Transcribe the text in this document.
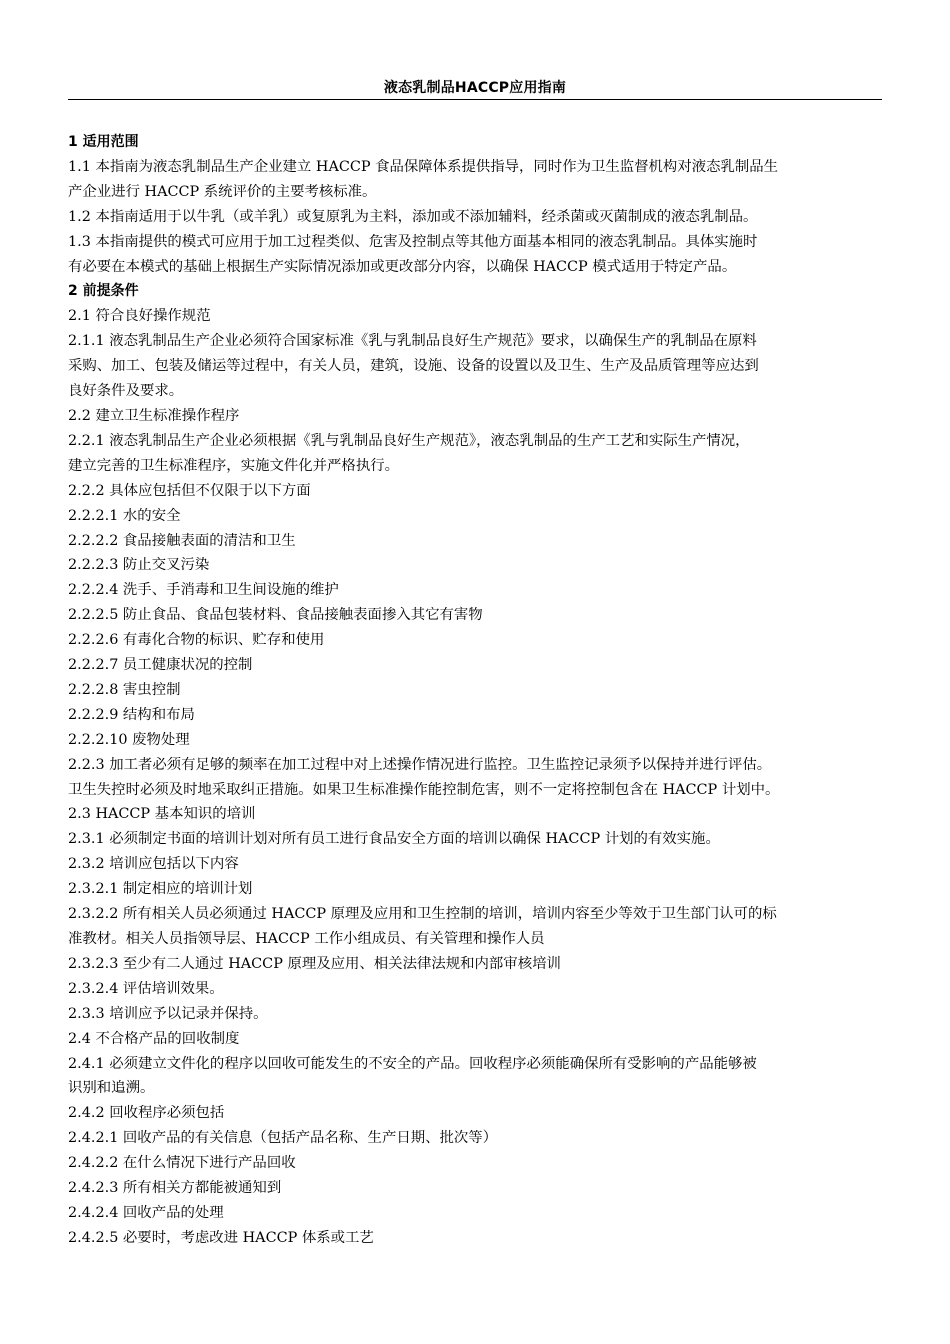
液态乳制品HACCP应用指南
1 适用范围
1.1 本指南为液态乳制品生产企业建立 HACCP 食品保障体系提供指导，同时作为卫生监督机构对液态乳制品生
产企业进行 HACCP 系统评价的主要考核标准。
1.2 本指南适用于以牛乳（或羊乳）或复原乳为主料，添加或不添加辅料，经杀菌或灭菌制成的液态乳制品。
1.3 本指南提供的模式可应用于加工过程类似、危害及控制点等其他方面基本相同的液态乳制品。具体实施时
有必要在本模式的基础上根据生产实际情况添加或更改部分内容，以确保 HACCP 模式适用于特定产品。
2 前提条件
2.1 符合良好操作规范
2.1.1 液态乳制品生产企业必须符合国家标准《乳与乳制品良好生产规范》要求，以确保生产的乳制品在原料
采购、加工、包装及储运等过程中，有关人员，建筑，设施、设备的设置以及卫生、生产及品质管理等应达到
良好条件及要求。
2.2 建立卫生标准操作程序
2.2.1 液态乳制品生产企业必须根据《乳与乳制品良好生产规范》，液态乳制品的生产工艺和实际生产情况，
建立完善的卫生标准程序，实施文件化并严格执行。
2.2.2 具体应包括但不仅限于以下方面
2.2.2.1 水的安全
2.2.2.2 食品接触表面的清洁和卫生
2.2.2.3 防止交叉污染
2.2.2.4 洗手、手消毒和卫生间设施的维护
2.2.2.5 防止食品、食品包装材料、食品接触表面掺入其它有害物
2.2.2.6 有毒化合物的标识、贮存和使用
2.2.2.7 员工健康状况的控制
2.2.2.8 害虫控制
2.2.2.9 结构和布局
2.2.2.10 废物处理
2.2.3 加工者必须有足够的频率在加工过程中对上述操作情况进行监控。卫生监控记录须予以保持并进行评估。
卫生失控时必须及时地采取纠正措施。如果卫生标准操作能控制危害，则不一定将控制包含在 HACCP 计划中。
2.3 HACCP 基本知识的培训
2.3.1 必须制定书面的培训计划对所有员工进行食品安全方面的培训以确保 HACCP 计划的有效实施。
2.3.2 培训应包括以下内容
2.3.2.1 制定相应的培训计划
2.3.2.2 所有相关人员必须通过 HACCP 原理及应用和卫生控制的培训，培训内容至少等效于卫生部门认可的标
准教材。相关人员指领导层、HACCP 工作小组成员、有关管理和操作人员
2.3.2.3 至少有二人通过 HACCP 原理及应用、相关法律法规和内部审核培训
2.3.2.4 评估培训效果。
2.3.3 培训应予以记录并保持。
2.4 不合格产品的回收制度
2.4.1 必须建立文件化的程序以回收可能发生的不安全的产品。回收程序必须能确保所有受影响的产品能够被
识别和追溯。
2.4.2 回收程序必须包括
2.4.2.1 回收产品的有关信息（包括产品名称、生产日期、批次等）
2.4.2.2 在什么情况下进行产品回收
2.4.2.3 所有相关方都能被通知到
2.4.2.4 回收产品的处理
2.4.2.5 必要时，考虑改进 HACCP 体系或工艺
